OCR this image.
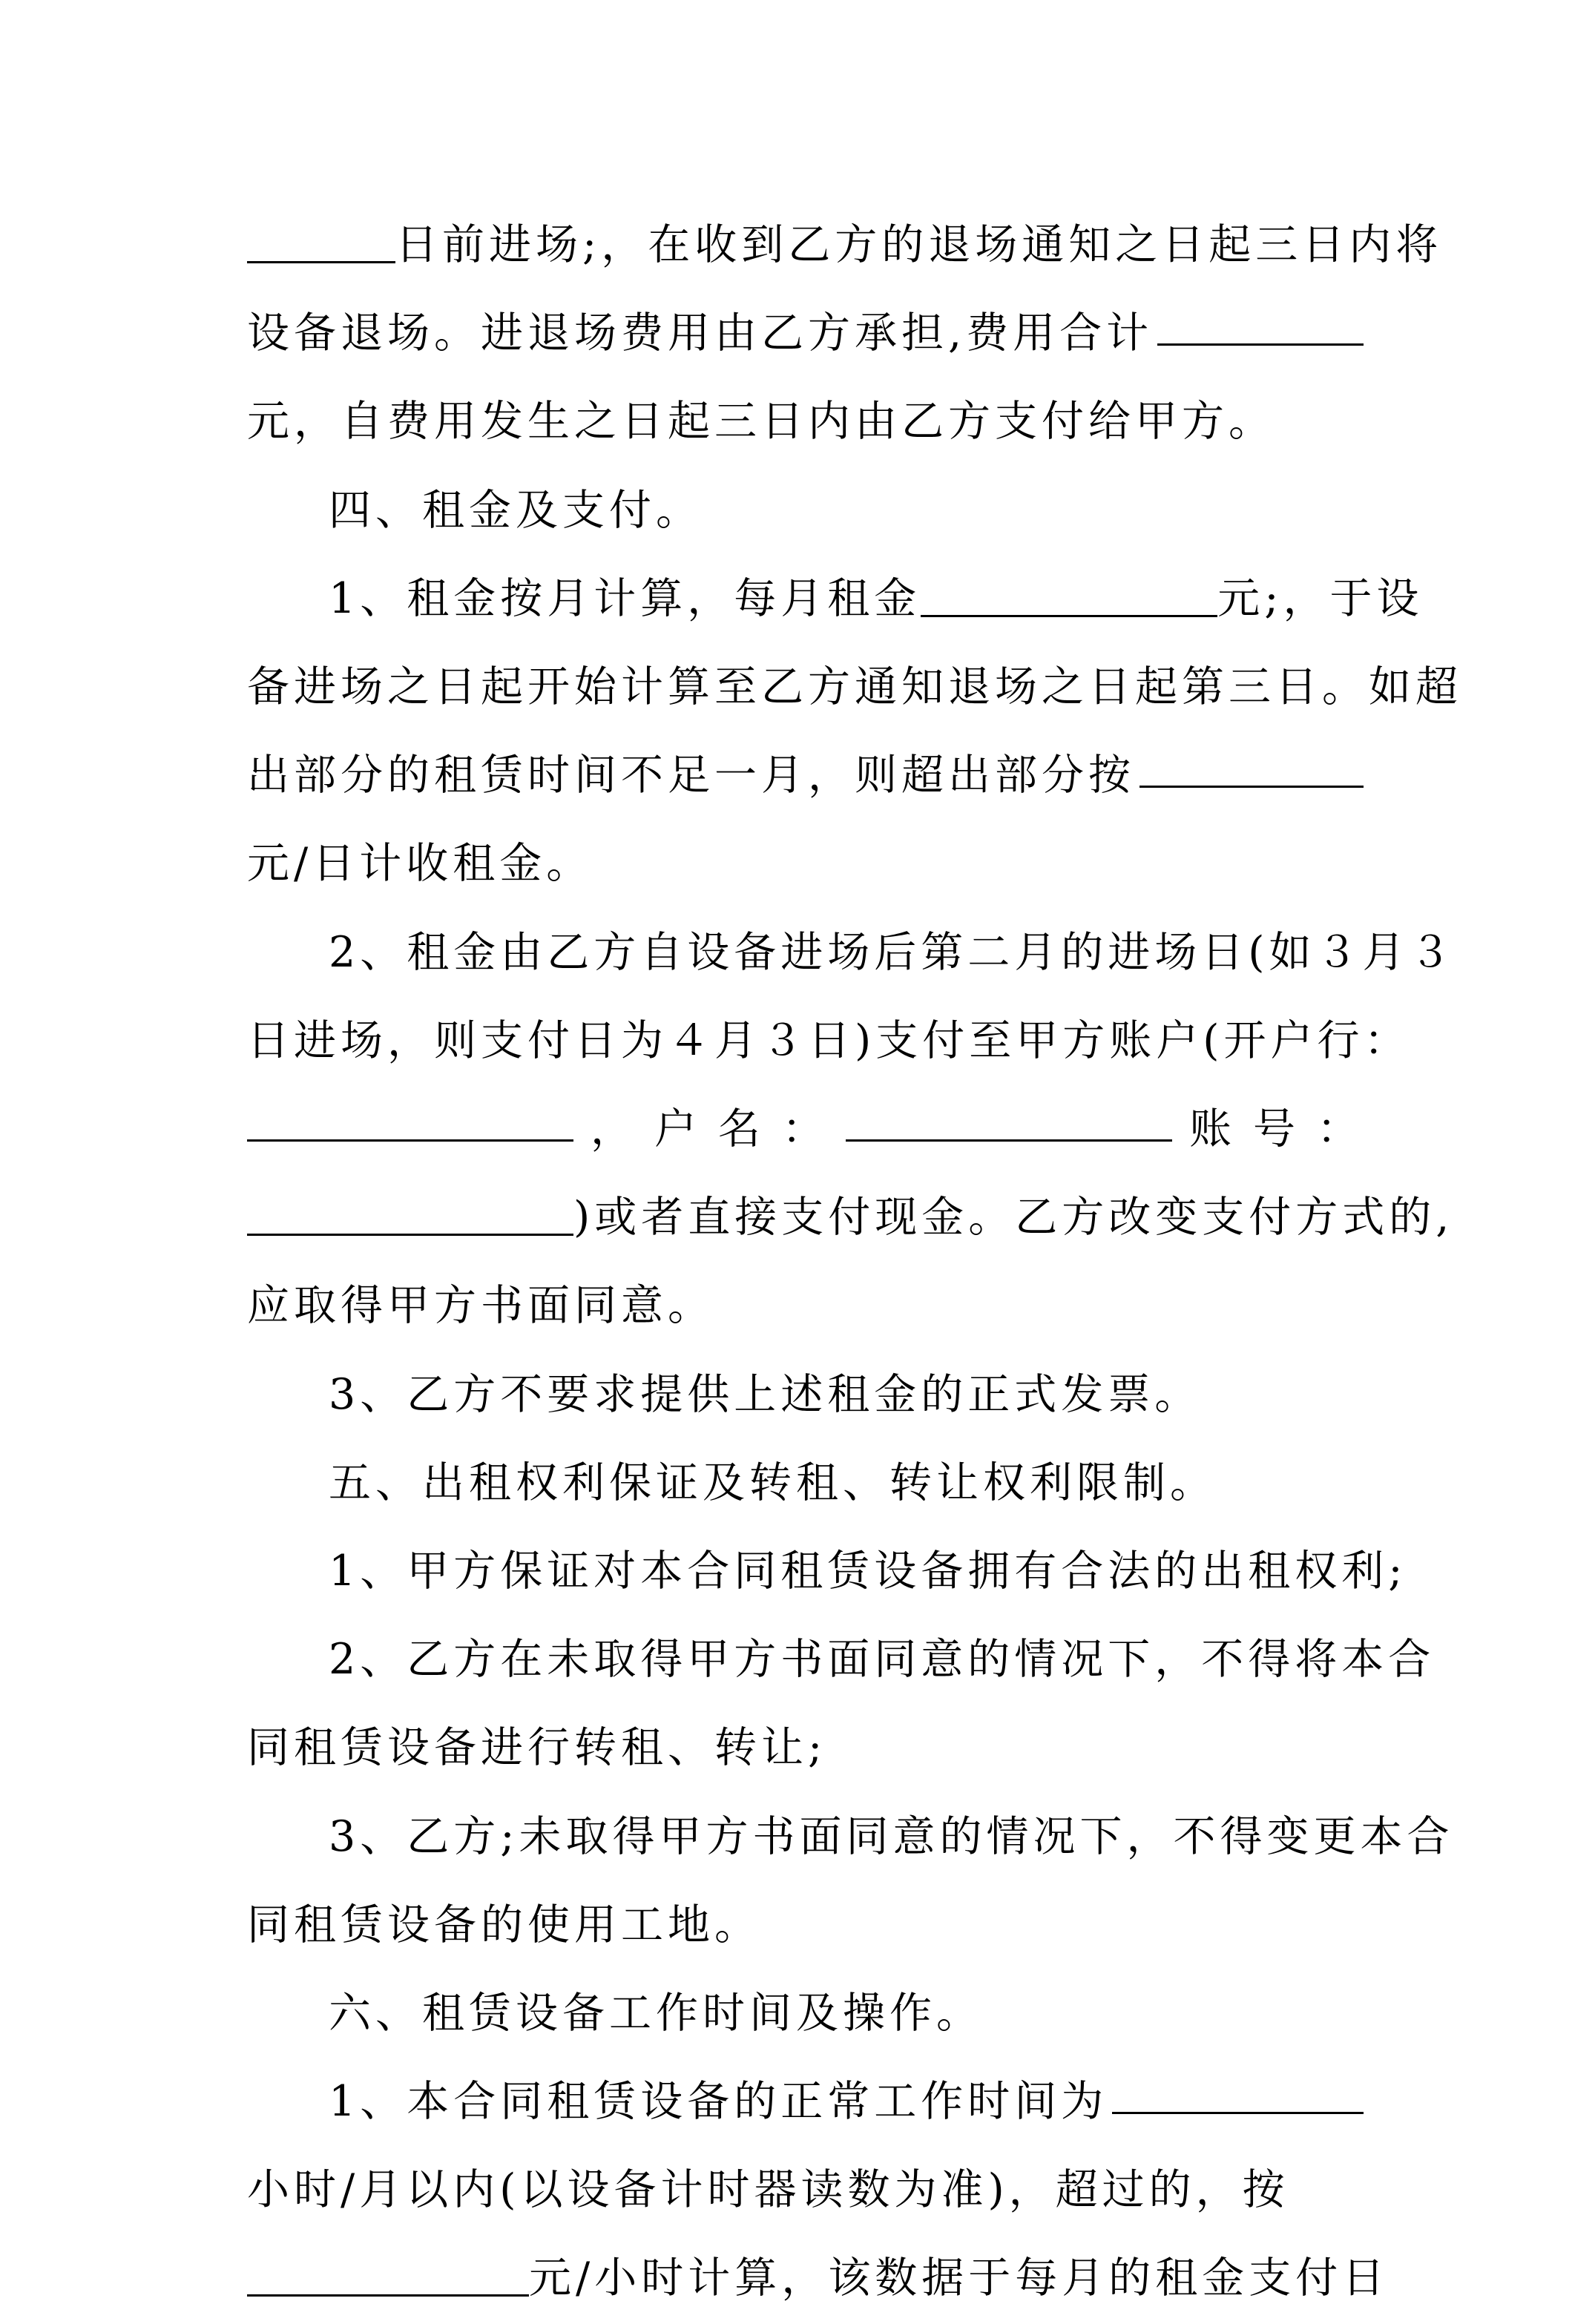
日前进场;，在收到乙方的退场通知之日起三日内将
设备退场。进退场费用由乙方承担,费用合计
元，自费用发生之日起三日内由乙方支付给甲方。
四、租金及支付。
1、租金按月计算，每月租金	元;，于设
备进场之日起开始计算至乙方通知退场之日起第三日。如超
出部分的租赁时间不足一月，则超出部分按
元/日计收租金。
2、租金由乙方自设备进场后第二月的进场日(如３月３
日进场，则支付日为４月３日)支付至甲方账户(开户行：
， 户 名 ：	账 号 ：
)或者直接支付现金。乙方改变支付方式的,
应取得甲方书面同意。
3、乙方不要求提供上述租金的正式发票。
五、出租权利保证及转租、转让权利限制。
1、甲方保证对本合同租赁设备拥有合法的出租权利;
2、乙方在未取得甲方书面同意的情况下，不得将本合
同租赁设备进行转租、转让;
3、乙方;未取得甲方书面同意的情况下，不得变更本合
同租赁设备的使用工地。
六、租赁设备工作时间及操作。
1、本合同租赁设备的正常工作时间为
小时/月以内(以设备计时器读数为准)，超过的，按
元/小时计算，该数据于每月的租金支付日
